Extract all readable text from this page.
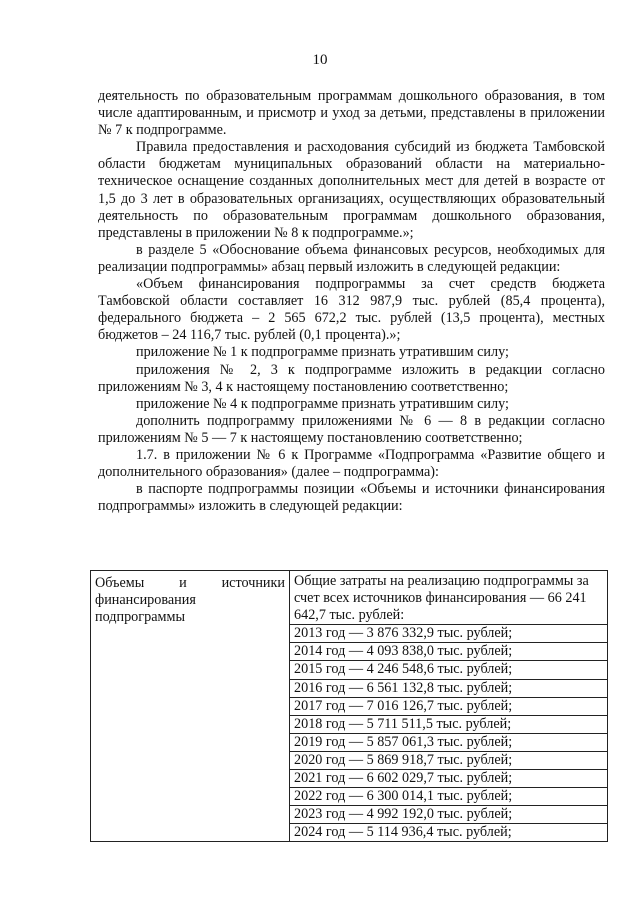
10

деятельность по образовательным программам дошкольного образования, в том числе адаптированным, и присмотр и уход за детьми, представлены в приложении № 7 к подпрограмме.

Правила предоставления и расходования субсидий из бюджета Тамбовской области бюджетам муниципальных образований области на материально-техническое оснащение созданных дополнительных мест для детей в возрасте от 1,5 до 3 лет в образовательных организациях, осуществляющих образовательный деятельность по образовательным программам дошкольного образования, представлены в приложении № 8 к подпрограмме.»;

в разделе 5 «Обоснование объема финансовых ресурсов, необходимых для реализации подпрограммы» абзац первый изложить в следующей редакции:

«Объем финансирования подпрограммы за счет средств бюджета Тамбовской области составляет 16 312 987,9 тыс. рублей (85,4 процента), федерального бюджета – 2 565 672,2 тыс. рублей (13,5 процента), местных бюджетов – 24 116,7 тыс. рублей (0,1 процента).»;

приложение № 1 к подпрограмме признать утратившим силу;

приложения № 2, 3 к подпрограмме изложить в редакции согласно приложениям № 3, 4 к настоящему постановлению соответственно;

приложение № 4 к подпрограмме признать утратившим силу;

дополнить подпрограмму приложениями № 6 — 8 в редакции согласно приложениям № 5 — 7 к настоящему постановлению соответственно;

1.7. в приложении № 6 к Программе «Подпрограмма «Развитие общего и дополнительного образования» (далее – подпрограмма):

в паспорте подпрограммы позиции «Объемы и источники финансирования подпрограммы» изложить в следующей редакции:

Объемы и источники финансирования подпрограммы

Общие затраты на реализацию подпрограммы за счет всех источников финансирования — 66 241 642,7 тыс. рублей:
2013 год — 3 876 332,9 тыс. рублей;
2014 год — 4 093 838,0 тыс. рублей;
2015 год — 4 246 548,6 тыс. рублей;
2016 год — 6 561 132,8 тыс. рублей;
2017 год — 7 016 126,7 тыс. рублей;
2018 год — 5 711 511,5 тыс. рублей;
2019 год — 5 857 061,3 тыс. рублей;
2020 год — 5 869 918,7 тыс. рублей;
2021 год — 6 602 029,7 тыс. рублей;
2022 год — 6 300 014,1 тыс. рублей;
2023 год — 4 992 192,0 тыс. рублей;
2024 год — 5 114 936,4 тыс. рублей;
